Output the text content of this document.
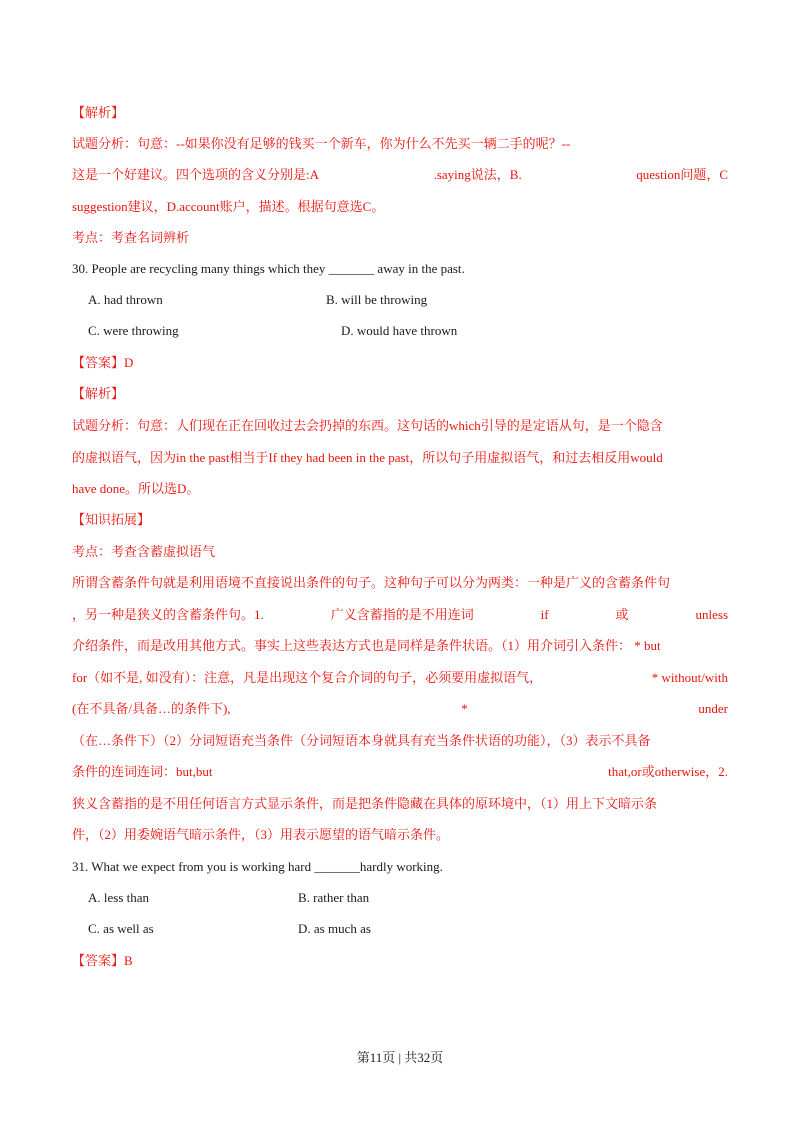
【解析】
试题分析：句意：--如果你没有足够的钱买一个新车，你为什么不先买一辆二手的呢？--
这是一个好建议。四个选项的含义分别是:A	.saying说法，B.	question问题，C
suggestion建议，D.account账户，描述。根据句意选C。
考点：考查名词辨析
30. People are recycling many things which they _______ away in the past.
A. had thrown	B. will be throwing
C. were throwing	D. would have thrown
【答案】D
【解析】
试题分析：句意：人们现在正在回收过去会扔掉的东西。这句话的which引导的是定语从句，是一个隐含
的虚拟语气，因为in the past相当于If they had been in the past，所以句子用虚拟语气，和过去相反用would
have done。所以选D。
【知识拓展】
考点：考查含蓄虚拟语气
所谓含蓄条件句就是利用语境不直接说出条件的句子。这种句子可以分为两类：一种是广义的含蓄条件句
，另一种是狭义的含蓄条件句。1.	广义含蓄指的是不用连词	if	或	unless
介绍条件，而是改用其他方式。事实上这些表达方式也是同样是条件状语。（1）用介词引入条件： * but
for（如不是, 如没有）：注意，凡是出现这个复合介词的句子，必须要用虚拟语气，	* without/with
(在不具备/具备…的条件下),	*	under
（在…条件下）（2）分词短语充当条件（分词短语本身就具有充当条件状语的功能），（3）表示不具备
条件的连词连词：but,but	that,or或otherwise，2.
狭义含蓄指的是不用任何语言方式显示条件，而是把条件隐藏在具体的原环境中，（1）用上下文暗示条
件，（2）用委婉语气暗示条件，（3）用表示愿望的语气暗示条件。
31. What we expect from you is working hard _______hardly working.
A. less than	B. rather than
C. as well as	D. as much as
【答案】B
第11页 | 共32页
